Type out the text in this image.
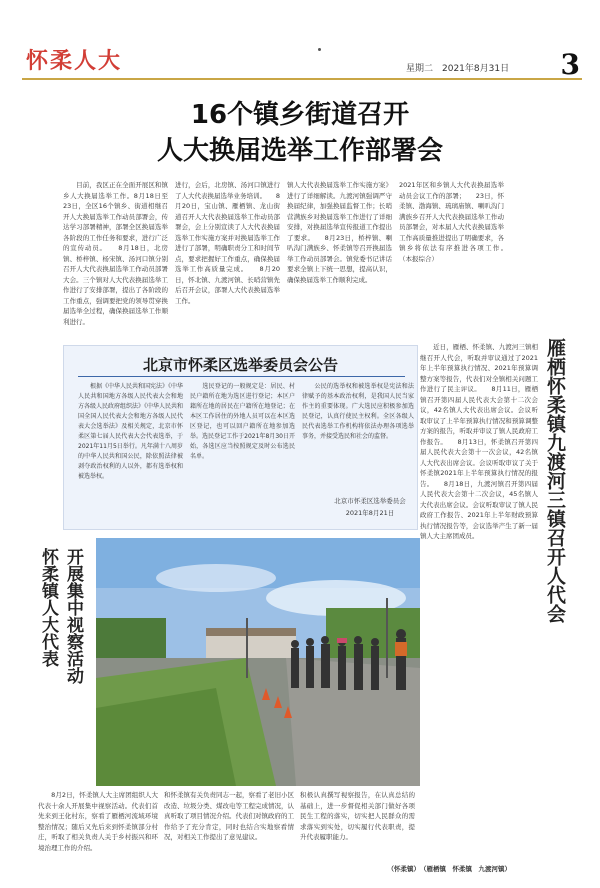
怀柔人大	星期二　2021年8月31日 3
16个镇乡街道召开
人大换届选举工作部署会
　　目前，我区正在全面开展区和镇乡人大换届选举工作。8月18日至23日，全区16个镇乡、街道相继召开人大换届选举工作动员部署会，传达学习部署精神，部署全区换届选举各阶段的工作任务和要求，进行广泛的宣传动员。　　8月18日，北房镇、桥梓镇、杨宋镇、汤河口镇分别召开人大代表换届选举工作动员部署大会。三个镇对人大代表换届选举工作进行了安排部署，提出了各阶段的工作重点，强调要把党的领导贯穿换届选举全过程，确保换届选举工作顺利进行。
进行，会后，北房镇、汤河口镇进行了人大代表换届选举业务培训。　　8月20日，宝山镇、雁栖镇、龙山街道召开人大代表换届选举工作动员部署会，会上分别宣读了人大代表换届选举工作实施方案并对换届选举工作进行了部署，明确职责分工和时间节点，要求把握好工作重点，确保换届选举工作高质量完成。　　8月20日，怀北镇、九渡河镇、长哨营镇先后召开会议，部署人大代表换届选举工作。
镇人大代表换届选举工作实施方案》进行了详细解读。九渡河镇强调严守换届纪律，加强换届监督工作；长哨营满族乡对换届选举工作进行了详细安排，对换届选举宣传报道工作提出了要求。　　8月23日，桥梓镇、喇叭沟门满族乡、怀柔镇等召开换届选举工作动员部署会。镇党委书记讲话要求全镇上下统一思想，提高认识，确保换届选举工作顺利完成。
2021年区和乡镇人大代表换届选举动员会议工作的部署；　　23日，怀柔镇、渤海镇、琉璃庙镇、喇叭沟门满族乡召开人大代表换届选举工作动员部署会，对本届人大代表换届选举工作高质量推进提出了明确要求，各镇乡将依法有序推进各项工作。　　（本报综合）
北京市怀柔区选举委员会公告
　　根据《中华人民共和国宪法》《中华人民共和国地方各级人民代表大会和地方各级人民政府组织法》《中华人民共和国全国人民代表大会和地方各级人民代表大会选举法》及相关规定，北京市怀柔区第七届人民代表大会代表选举，于2021年11月5日举行。凡年满十八周岁的中华人民共和国公民，除依照法律被剥夺政治权利的人以外，都有选举权和被选举权。
　　选民登记的一般规定是：居民、村民户籍所在地为选区进行登记；本区户籍所在地的居民在户籍所在地登记；在本区工作居住的外地人员可以在本区选区登记，也可以回户籍所在地参加选举。选民登记工作于2021年8月30日开始，各选区应当按照规定及时公布选民名单。
　　公民的选举权和被选举权是宪法和法律赋予的基本政治权利，是我国人民当家作主的重要体现。广大选民应积极参加选民登记，认真行使民主权利。全区各级人民代表选举工作机构将依法办理各项选举事务，并接受选民和社会的监督。
北京市怀柔区选举委员会
2021年8月21日
开展集中视察活动
怀柔镇人大代表
　　8月2日，怀柔镇人大主席团组织人大代表十余人开展集中视察活动。代表们首先来到王化村东，察看了雁栖河流域环境整治情况；随后又先后来到怀柔镇部分村庄，听取了相关负责人关于乡村振兴和环境治理工作的介绍。
和怀柔镇有关负责同志一起，察看了老旧小区改造、垃圾分类、煤改电等工程完成情况，认真听取了项目情况介绍。代表们对镇政府的工作给予了充分肯定，同时也结合实地察看情况，对相关工作提出了意见建议。
积极认真撰写视察报告，在认真总结的基础上，进一步督促相关部门做好各项民生工程的落实，切实把人民群众的需求落实到实处，切实履行代表职责，提升代表履职能力。
（怀柔镇）
雁栖怀柔镇九渡河三镇召开人代会
　　近日，雁栖、怀柔镇、九渡河三镇相继召开人代会，听取并审议通过了2021年上半年预算执行情况、2021年预算调整方案等报告，代表们对全镇相关问题工作进行了民主评议。　　8月11日，雁栖镇召开第四届人民代表大会第十二次会议，42名镇人大代表出席会议。会议听取审议了上半年预算执行情况和预算调整方案的报告，听取并审议了镇人民政府工作报告。　　8月13日，怀柔镇召开第四届人民代表大会第十一次会议，42名镇人大代表出席会议。会议听取审议了关于怀柔镇2021年上半年预算执行情况的报告。　　8月18日，九渡河镇召开第四届人民代表大会第十二次会议，45名镇人大代表出席会议。会议听取审议了镇人民政府工作报告、2021年上半年财政预算执行情况报告等，会议选举产生了新一届镇人大主席团成员。
（雁栖镇　怀柔镇　九渡河镇）
